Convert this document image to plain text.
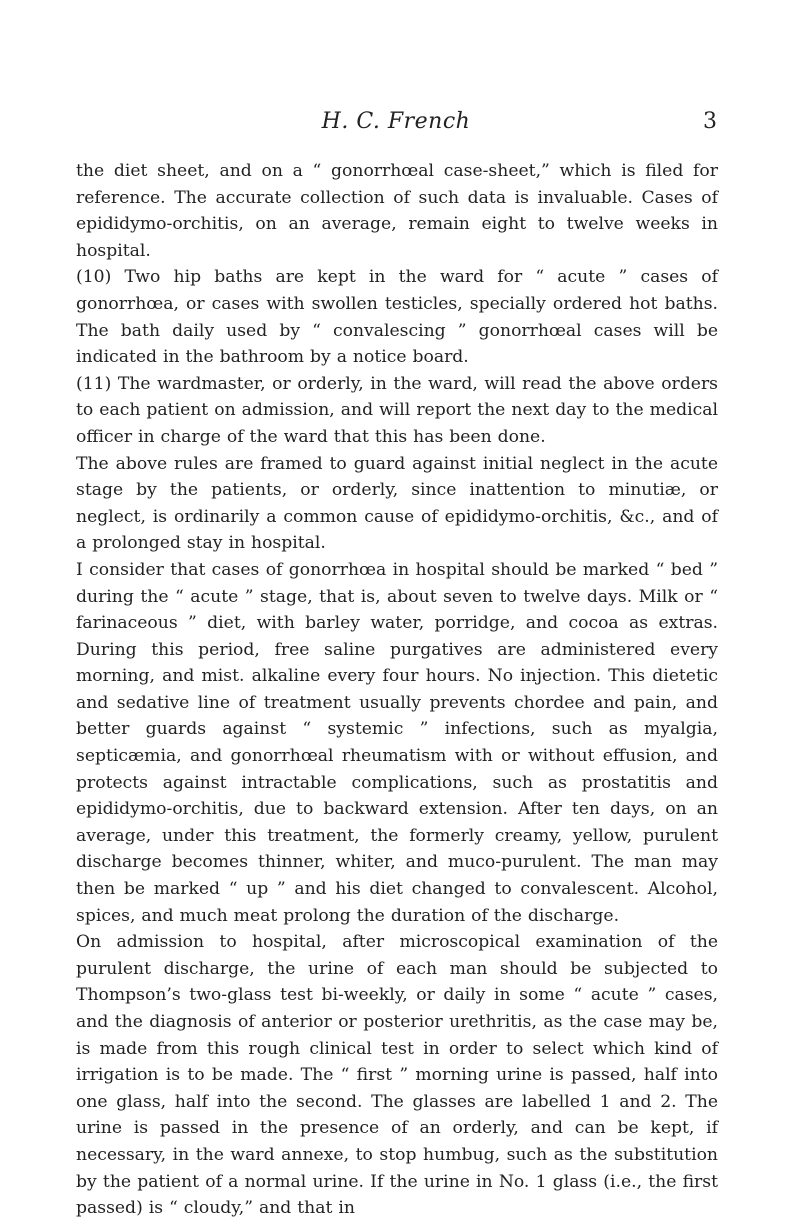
H. C. French	3

the diet sheet, and on a “ gonorrhœal case-sheet,” which is filed for reference. The accurate collection of such data is invaluable. Cases of epididymo-orchitis, on an average, remain eight to twelve weeks in hospital.

(10) Two hip baths are kept in the ward for “ acute ” cases of gonorrhœa, or cases with swollen testicles, specially ordered hot baths. The bath daily used by “ convalescing ” gonorrhœal cases will be indicated in the bathroom by a notice board.

(11) The wardmaster, or orderly, in the ward, will read the above orders to each patient on admission, and will report the next day to the medical officer in charge of the ward that this has been done.

The above rules are framed to guard against initial neglect in the acute stage by the patients, or orderly, since inattention to minutiæ, or neglect, is ordinarily a common cause of epididymo-orchitis, &c., and of a prolonged stay in hospital.

I consider that cases of gonorrhœa in hospital should be marked “ bed ” during the “ acute ” stage, that is, about seven to twelve days. Milk or “ farinaceous ” diet, with barley water, porridge, and cocoa as extras. During this period, free saline purgatives are administered every morning, and mist. alkaline every four hours. No injection. This dietetic and sedative line of treatment usually prevents chordee and pain, and better guards against “ systemic ” infections, such as myalgia, septicæmia, and gonorrhœal rheumatism with or without effusion, and protects against intractable complications, such as prostatitis and epididymo-orchitis, due to backward extension. After ten days, on an average, under this treatment, the formerly creamy, yellow, purulent discharge becomes thinner, whiter, and muco-purulent. The man may then be marked “ up ” and his diet changed to convalescent. Alcohol, spices, and much meat prolong the duration of the discharge.

On admission to hospital, after microscopical examination of the purulent discharge, the urine of each man should be subjected to Thompson’s two-glass test bi-weekly, or daily in some “ acute ” cases, and the diagnosis of anterior or posterior urethritis, as the case may be, is made from this rough clinical test in order to select which kind of irrigation is to be made. The “ first ” morning urine is passed, half into one glass, half into the second. The glasses are labelled 1 and 2. The urine is passed in the presence of an orderly, and can be kept, if necessary, in the ward annexe, to stop humbug, such as the substitution by the patient of a normal urine. If the urine in No. 1 glass (i.e., the first passed) is “ cloudy,” and that in
